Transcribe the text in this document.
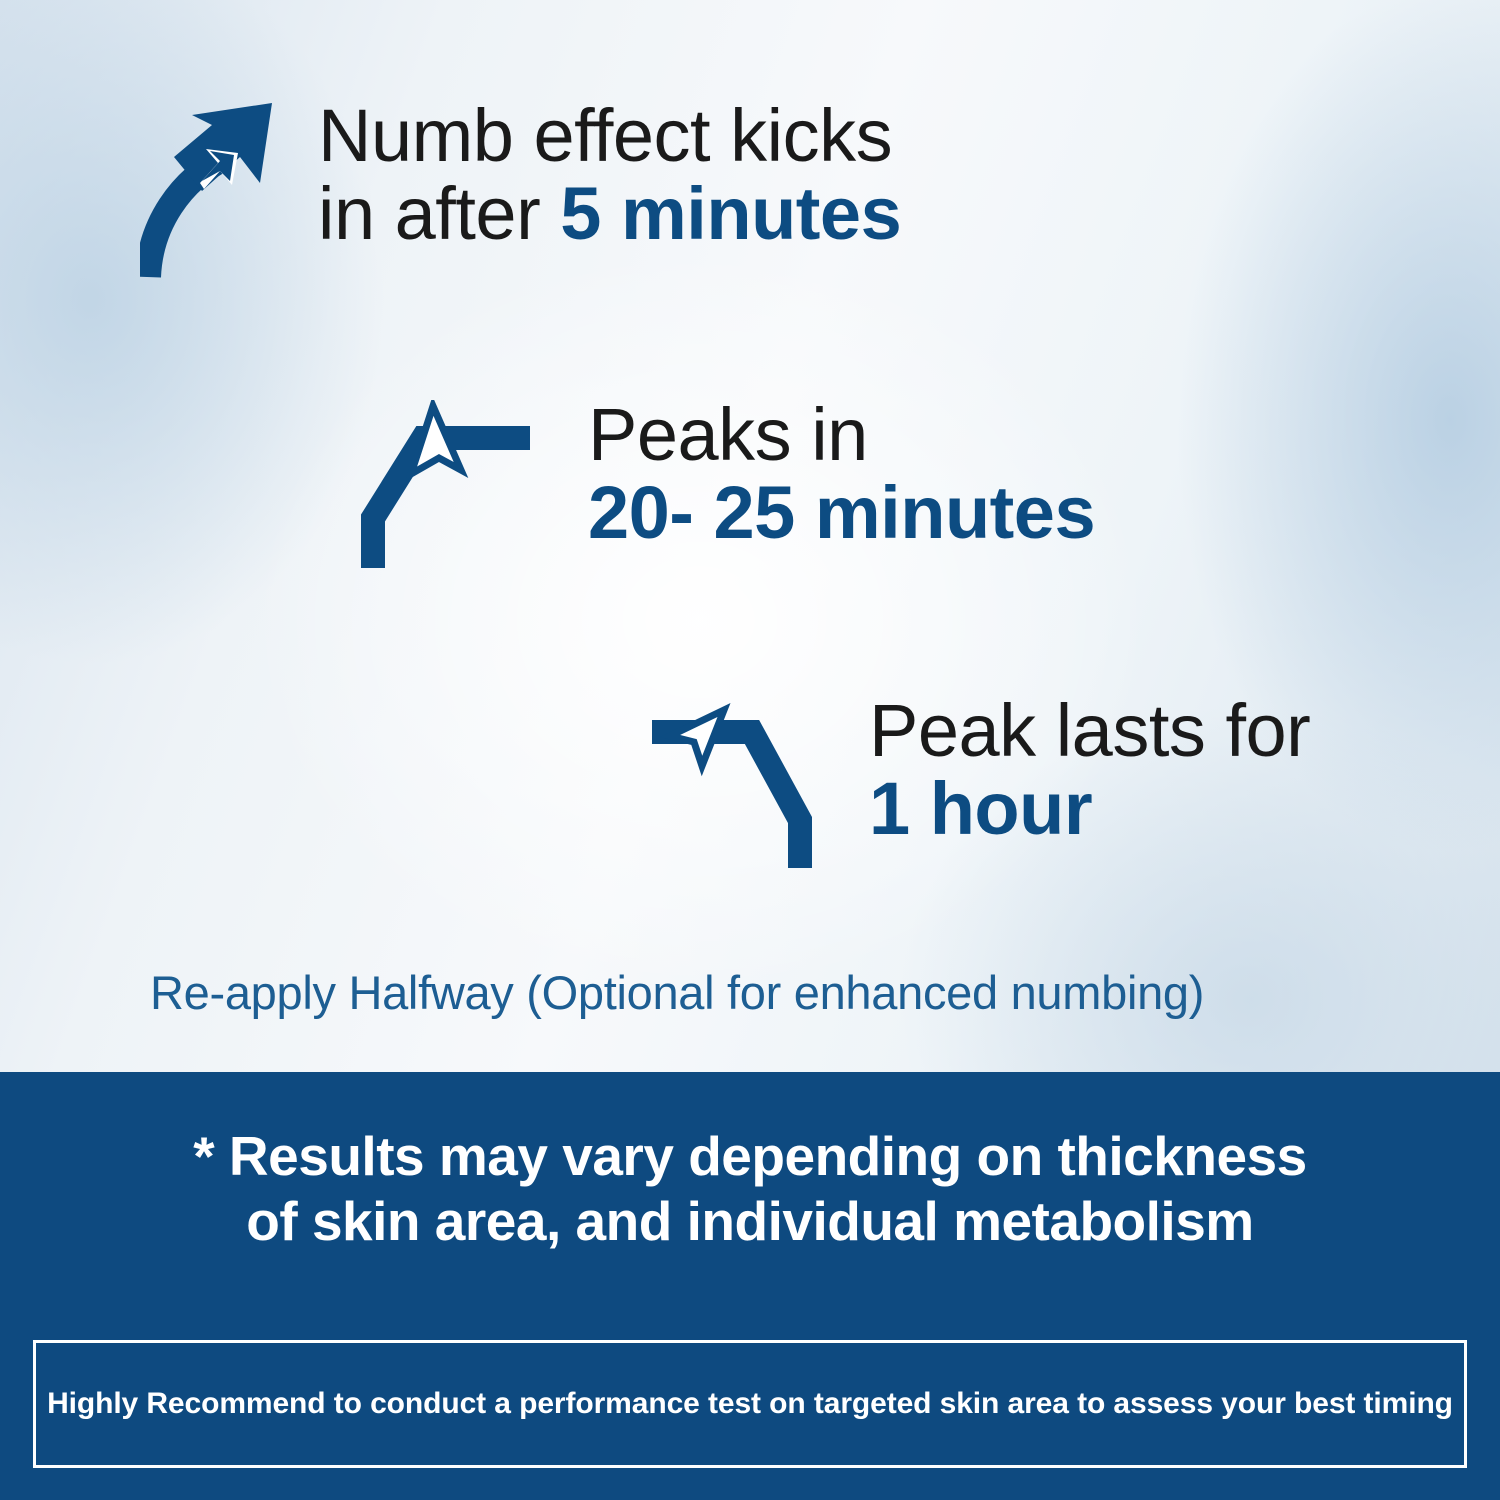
Numb effect kicks
in after 5 minutes
Peaks in
20- 25 minutes
Peak lasts for
1 hour
Re-apply Halfway (Optional for enhanced numbing)
* Results may vary depending on thickness
of skin area, and individual metabolism
Highly Recommend to conduct a performance test on targeted skin area to assess your best timing
